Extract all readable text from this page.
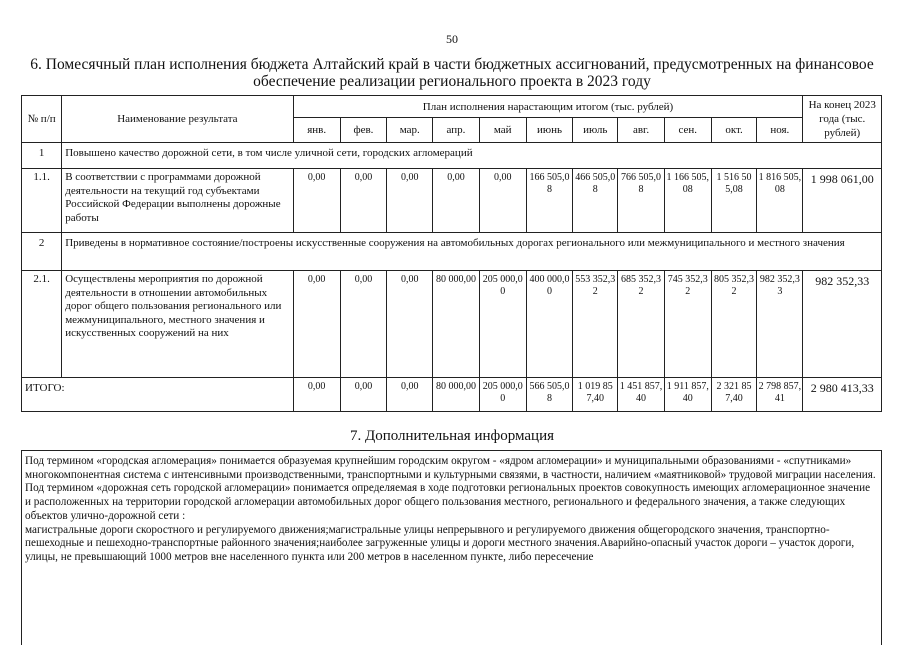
50
6. Помесячный план исполнения бюджета Алтайский край в части бюджетных ассигнований, предусмотренных на финансовое обеспечение реализации регионального проекта в 2023 году
№ п/п	Наименование результата	План исполнения нарастающим итогом (тыс. рублей)											На конец 2023 года (тыс. рублей)
		янв.	фев.	мар.	апр.	май	июнь	июль	авг.	сен.	окт.	ноя.	
1	Повышено качество дорожной сети, в том числе уличной сети, городских агломераций												
1.1.	В соответствии с программами дорожной деятельности на текущий год субъектами Российской Федерации выполнены дорожные работы	0,00	0,00	0,00	0,00	0,00	166 505,08	466 505,08	766 505,08	1 166 505,08	1 516 505,08	1 816 505,08	1 998 061,00
2	Приведены в нормативное состояние/построены искусственные сооружения на автомобильных дорогах регионального или межмуниципального и местного значения												
2.1.	Осуществлены мероприятия по дорожной деятельности в отношении автомобильных дорог общего пользования регионального или межмуниципального, местного значения и искусственных сооружений на них	0,00	0,00	0,00	80 000,00	205 000,00	400 000,00	553 352,32	685 352,32	745 352,32	805 352,32	982 352,33	982 352,33
ИТОГО:		0,00	0,00	0,00	80 000,00	205 000,00	566 505,08	1 019 857,40	1 451 857,40	1 911 857,40	2 321 857,40	2 798 857,41	2 980 413,33
7. Дополнительная информация

Под термином «городская агломерация» понимается образуемая крупнейшим городским округом - «ядром агломерации» и муниципальными образованиями - «спутниками» многокомпонентная система с интенсивными производственными, транспортными и культурными связями, в частности, наличием «маятниковой» трудовой миграции населения.

Под термином «дорожная сеть городской агломерации» понимается определяемая в ходе подготовки региональных проектов совокупность имеющих агломерационное значение и расположенных на территории городской агломерации автомобильных дорог общего пользования местного, регионального и федерального значения, а также следующих объектов улично-дорожной сети :

магистральные дороги скоростного и регулируемого движения;магистральные улицы непрерывного и регулируемого движения общегородского значения, транспортно-пешеходные и пешеходно-транспортные районного значения;наиболее загруженные улицы и дороги местного значения.Аварийно-опасный участок дороги – участок дороги, улицы, не превышающий 1000 метров вне населенного пункта или 200 метров в населенном пункте, либо пересечение
